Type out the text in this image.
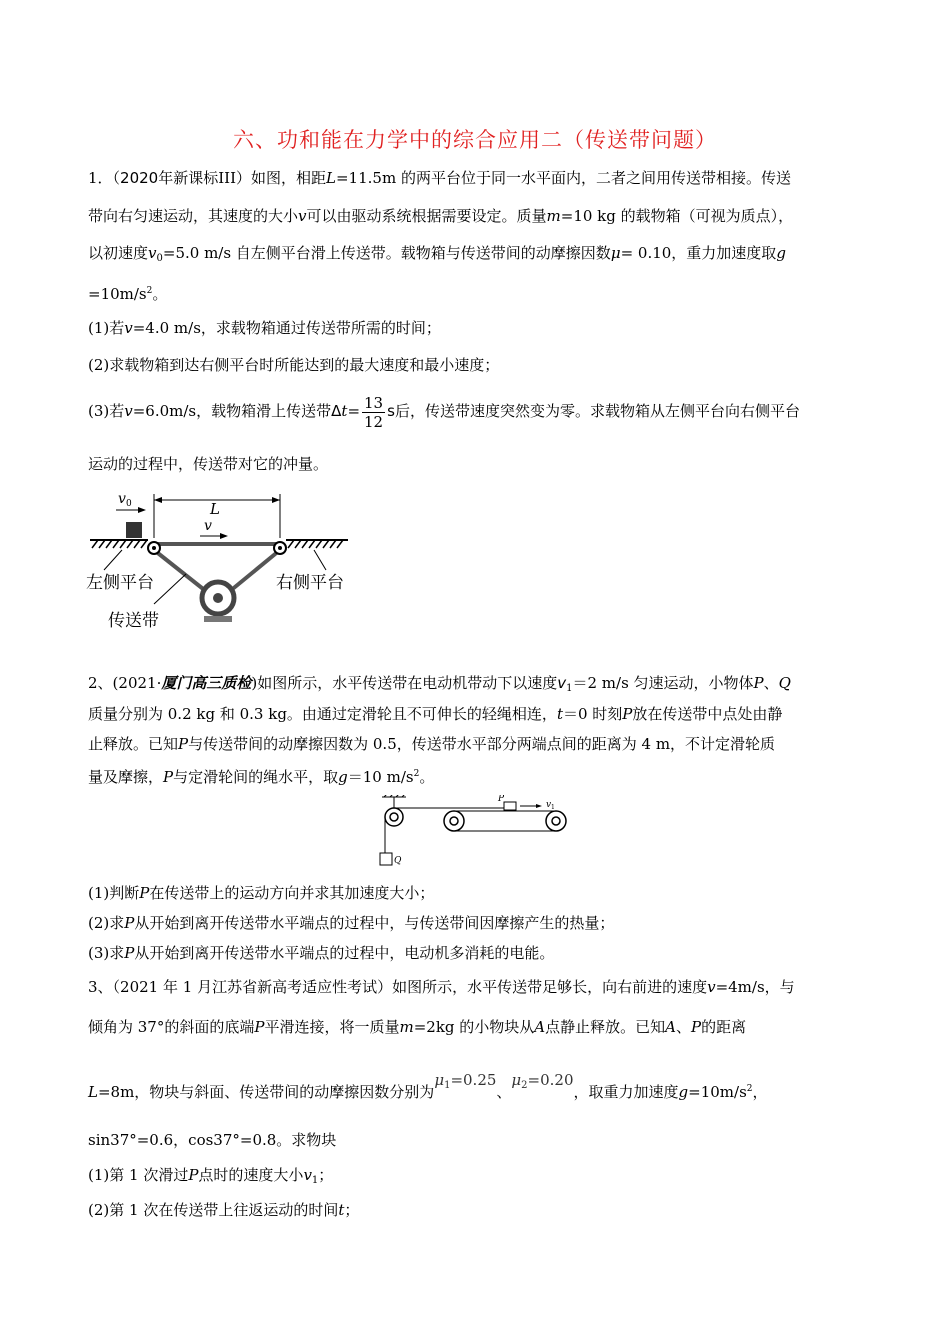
六、功和能在力学中的综合应用二（传送带问题）
1．（2020年新课标III）如图，相距L=11.5m 的两平台位于同一水平面内，二者之间用传送带相接。传送
带向右匀速运动，其速度的大小v可以由驱动系统根据需要设定。质量m=10 kg 的载物箱（可视为质点），
以初速度$v_0=5.0$ m/s 自左侧平台滑上传送带。载物箱与传送带间的动摩擦因数μ= 0.10，重力加速度取g
$=10m/s^2$。
(1)若v=4.0 m/s，求载物箱通过传送带所需的时间；
(2)求载物箱到达右侧平台时所能达到的最大速度和最小速度；
(3)若v=6.0m/s，载物箱滑上传送带$\Delta t= \frac{13}{12}$ s后，传送带速度突然变为零。求载物箱从左侧平台向右侧平台
运动的过程中，传送带对它的冲量。
L
v 0
v
左侧平台	右侧平台
传送带
2、(2021·厦门高三质检)如图所示，水平传送带在电动机带动下以速度$v_1=2$ m/s 匀速运动，小物体P、Q
质量分别为 0.2 kg 和 0.3 kg。由通过定滑轮且不可伸长的轻绳相连，t＝0 时刻P放在传送带中点处由静
止释放。已知P与传送带间的动摩擦因数为 0.5，传送带水平部分两端点间的距离为 4 m，不计定滑轮质
量及摩擦，P与定滑轮间的绳水平，取g＝10 $m/s^2$。
Q
P
v 1
(1)判断P在传送带上的运动方向并求其加速度大小；
(2)求P从开始到离开传送带水平端点的过程中，与传送带间因摩擦产生的热量；
(3)求P从开始到离开传送带水平端点的过程中，电动机多消耗的电能。
3、（2021 年 1 月江苏省新高考适应性考试）如图所示，水平传送带足够长，向右前进的速度v=4m/s，与
倾角为 37°的斜面的底端P平滑连接，将一质量m=2kg 的小物块从A点静止释放。已知A、P的距离
L=8m，物块与斜面、传送带间的动摩擦因数分别为$\mu_1=0.25$、$\mu_2=0.20$，取重力加速度$g=10m/s^2$，
sin37°=0.6，cos37°=0.8。求物块
(1)第 1 次滑过P点时的速度大小$v_1$；
(2)第 1 次在传送带上往返运动的时间t；
